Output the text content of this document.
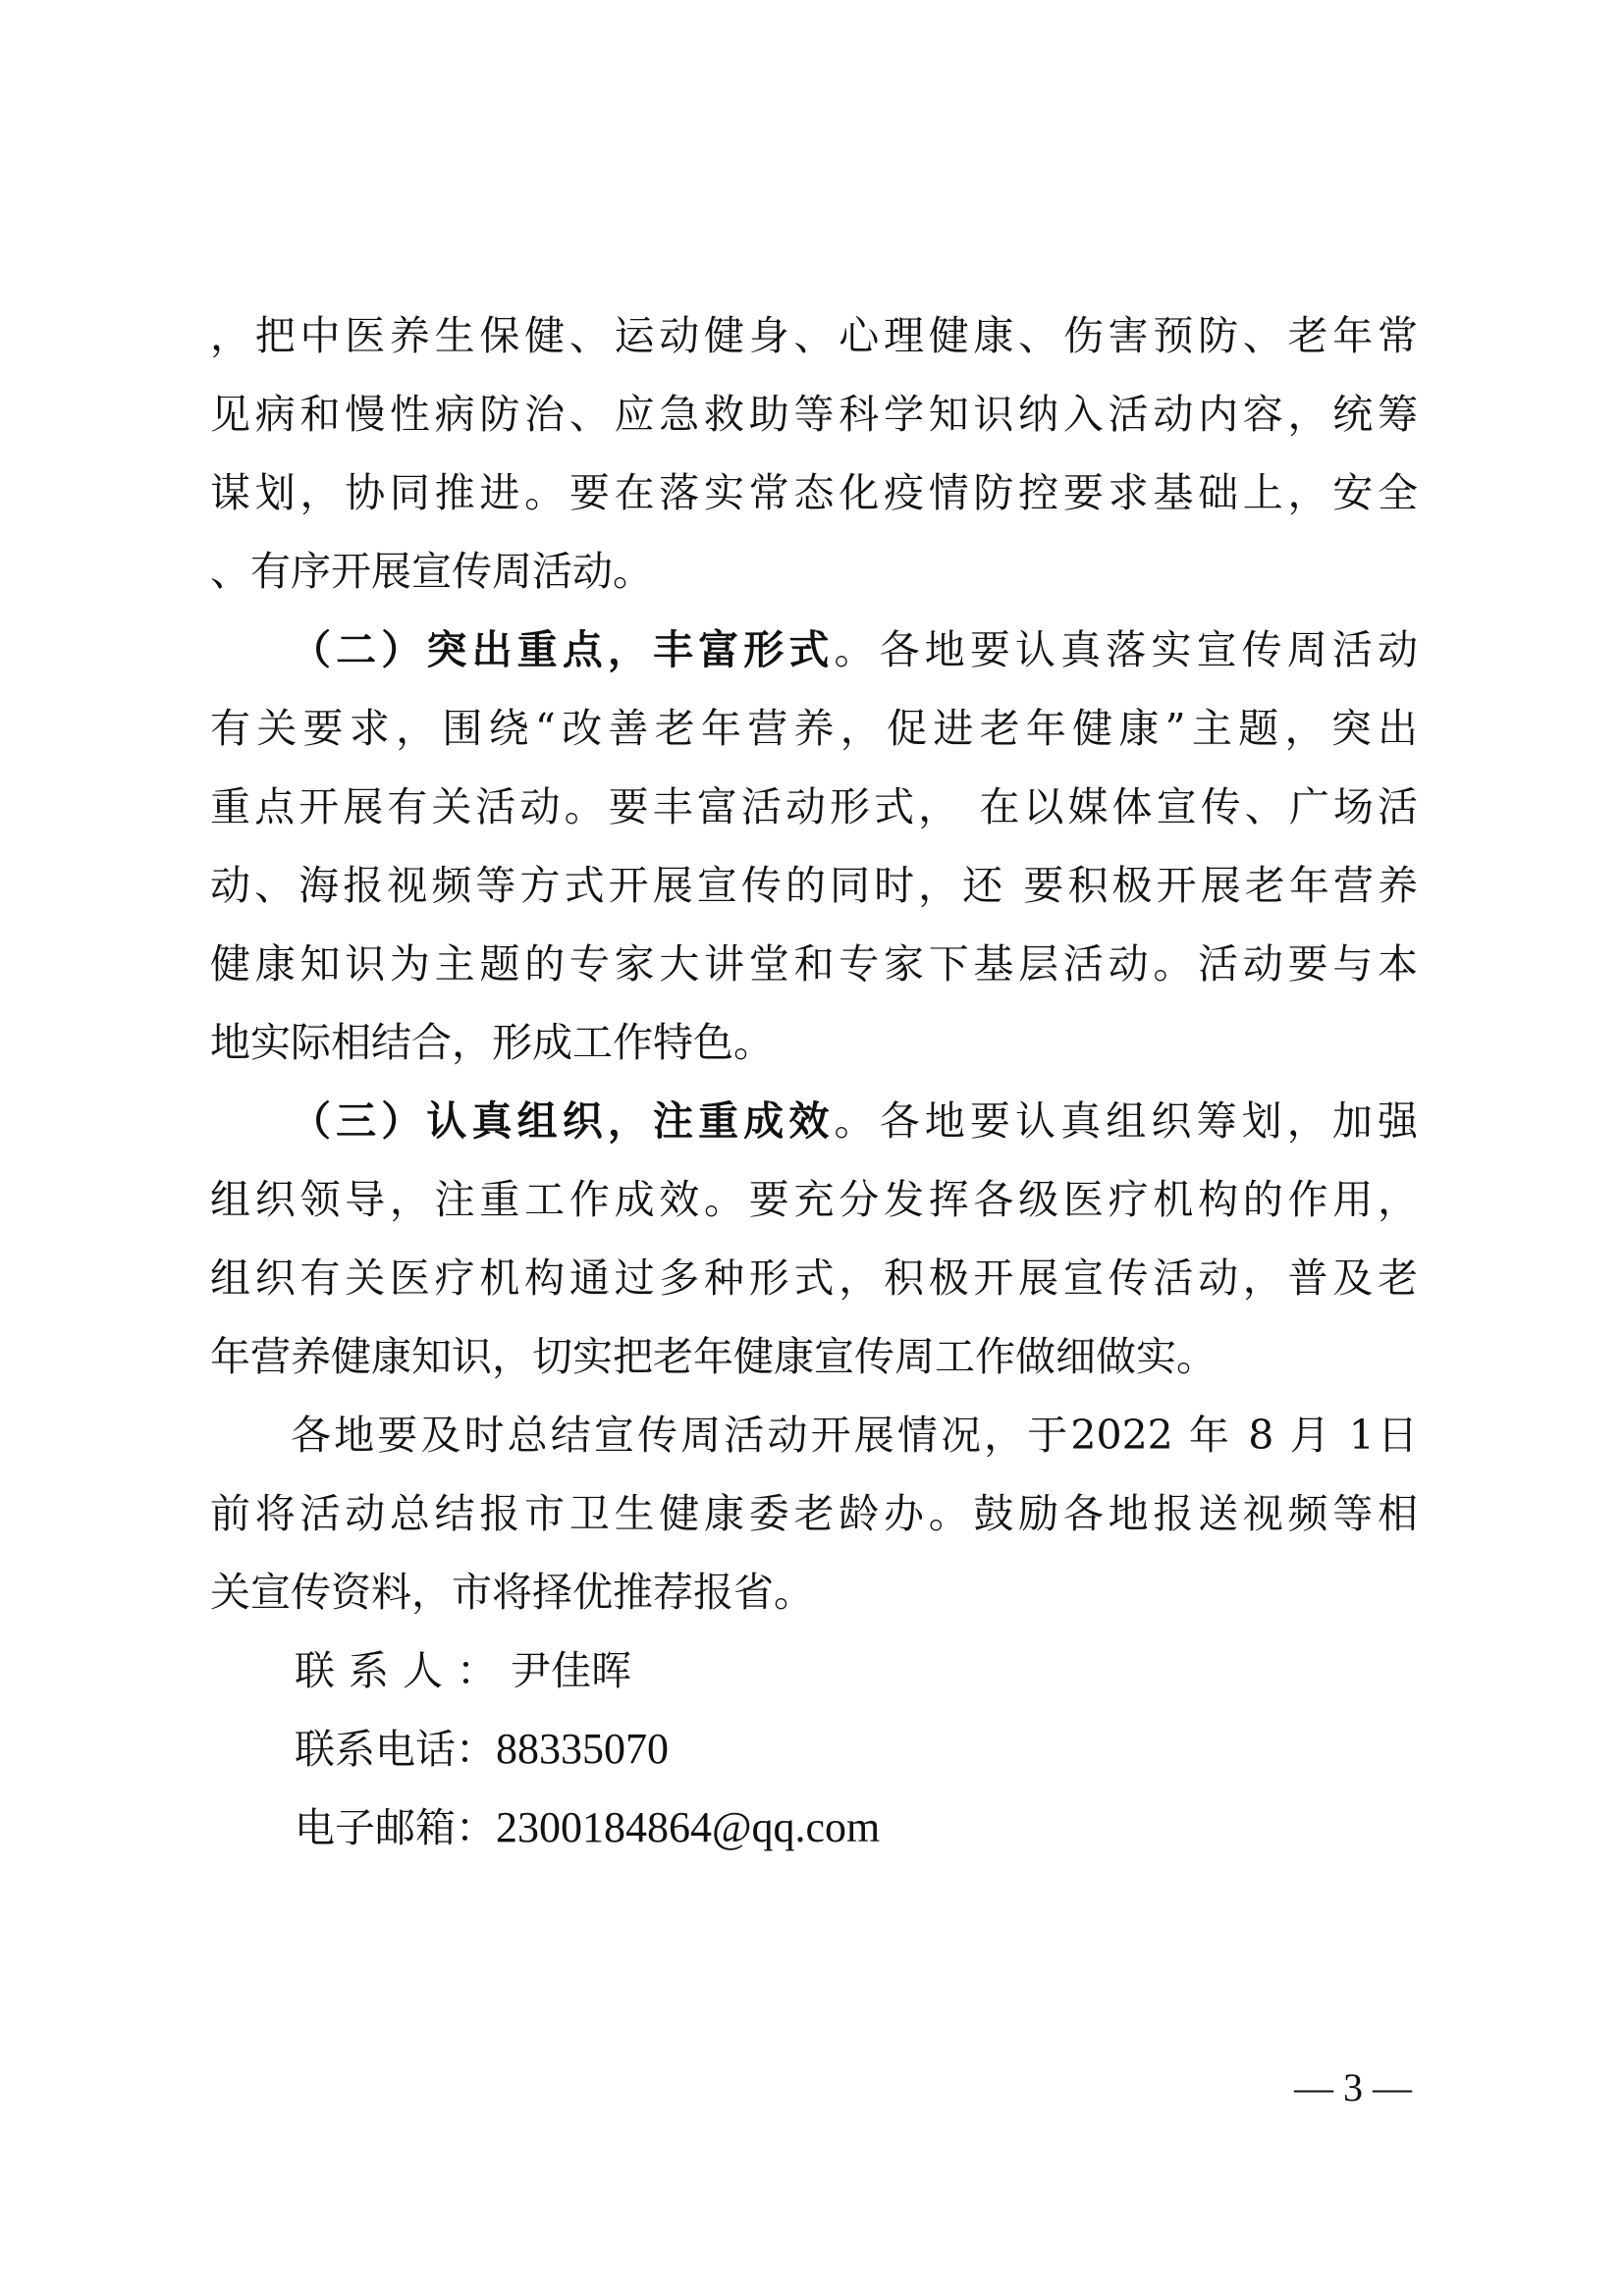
，把中医养生保健、运动健身、心理健康、伤害预防、老年常
见病和慢性病防治、应急救助等科学知识纳入活动内容，统筹
谋划，协同推进。要在落实常态化疫情防控要求基础上，安全
、有序开展宣传周活动。
（二）突出重点，丰富形式。各地要认真落实宣传周活动
有关要求，围绕“改善老年营养，促进老年健康”主题，突出
重点开展有关活动。要丰富活动形式， 在以媒体宣传、广场活
动、海报视频等方式开展宣传的同时，还 要积极开展老年营养
健康知识为主题的专家大讲堂和专家下基层活动。活动要与本
地实际相结合，形成工作特色。
（三）认真组织，注重成效。各地要认真组织筹划，加强
组织领导，注重工作成效。要充分发挥各级医疗机构的作用，
组织有关医疗机构通过多种形式，积极开展宣传活动，普及老
年营养健康知识，切实把老年健康宣传周工作做细做实。
各地要及时总结宣传周活动开展情况，于2022 年 8 月 1日
前将活动总结报市卫生健康委老龄办。鼓励各地报送视频等相
关宣传资料，市将择优推荐报省。
联系人：尹佳晖
联系电话：88335070
电子邮箱：2300184864@qq.com
— 3 —
